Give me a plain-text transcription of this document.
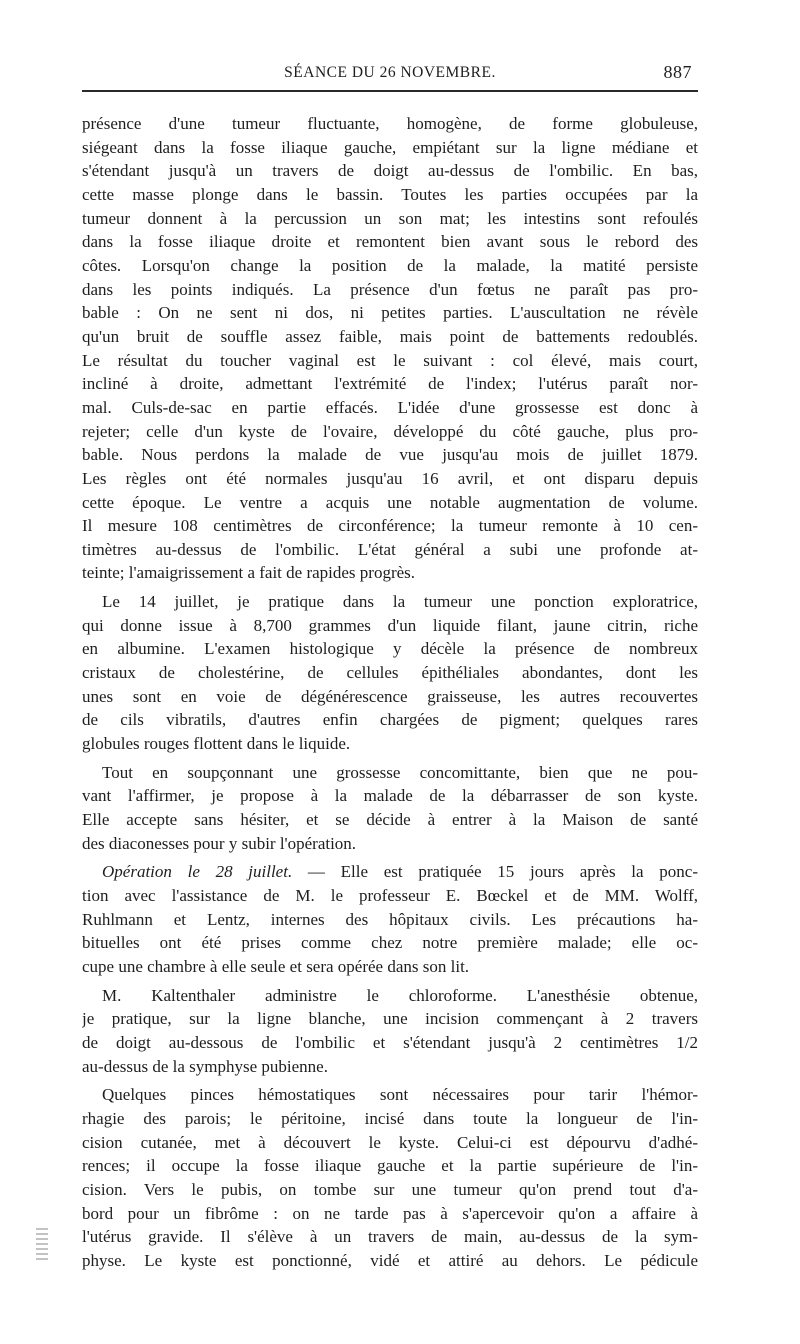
SÉANCE DU 26 NOVEMBRE.	887
présence d'une tumeur fluctuante, homogène, de forme globuleuse,
siégeant dans la fosse iliaque gauche, empiétant sur la ligne médiane et
s'étendant jusqu'à un travers de doigt au-dessus de l'ombilic. En bas,
cette masse plonge dans le bassin. Toutes les parties occupées par la
tumeur donnent à la percussion un son mat; les intestins sont refoulés
dans la fosse iliaque droite et remontent bien avant sous le rebord des
côtes. Lorsqu'on change la position de la malade, la matité persiste
dans les points indiqués. La présence d'un fœtus ne paraît pas pro-
bable : On ne sent ni dos, ni petites parties. L'auscultation ne révèle
qu'un bruit de souffle assez faible, mais point de battements redoublés.
Le résultat du toucher vaginal est le suivant : col élevé, mais court,
incliné à droite, admettant l'extrémité de l'index; l'utérus paraît nor-
mal. Culs-de-sac en partie effacés. L'idée d'une grossesse est donc à
rejeter; celle d'un kyste de l'ovaire, développé du côté gauche, plus pro-
bable. Nous perdons la malade de vue jusqu'au mois de juillet 1879.
Les règles ont été normales jusqu'au 16 avril, et ont disparu depuis
cette époque. Le ventre a acquis une notable augmentation de volume.
Il mesure 108 centimètres de circonférence; la tumeur remonte à 10 cen-
timètres au-dessus de l'ombilic. L'état général a subi une profonde at-
teinte; l'amaigrissement a fait de rapides progrès.
Le 14 juillet, je pratique dans la tumeur une ponction exploratrice,
qui donne issue à 8,700 grammes d'un liquide filant, jaune citrin, riche
en albumine. L'examen histologique y décèle la présence de nombreux
cristaux de cholestérine, de cellules épithéliales abondantes, dont les
unes sont en voie de dégénérescence graisseuse, les autres recouvertes
de cils vibratils, d'autres enfin chargées de pigment; quelques rares
globules rouges flottent dans le liquide.
Tout en soupçonnant une grossesse concomittante, bien que ne pou-
vant l'affirmer, je propose à la malade de la débarrasser de son kyste.
Elle accepte sans hésiter, et se décide à entrer à la Maison de santé
des diaconesses pour y subir l'opération.
Opération le 28 juillet. — Elle est pratiquée 15 jours après la ponc-
tion avec l'assistance de M. le professeur E. Bœckel et de MM. Wolff,
Ruhlmann et Lentz, internes des hôpitaux civils. Les précautions ha-
bituelles ont été prises comme chez notre première malade; elle oc-
cupe une chambre à elle seule et sera opérée dans son lit.
M. Kaltenthaler administre le chloroforme. L'anesthésie obtenue,
je pratique, sur la ligne blanche, une incision commençant à 2 travers
de doigt au-dessous de l'ombilic et s'étendant jusqu'à 2 centimètres 1/2
au-dessus de la symphyse pubienne.
Quelques pinces hémostatiques sont nécessaires pour tarir l'hémor-
rhagie des parois; le péritoine, incisé dans toute la longueur de l'in-
cision cutanée, met à découvert le kyste. Celui-ci est dépourvu d'adhé-
rences; il occupe la fosse iliaque gauche et la partie supérieure de l'in-
cision. Vers le pubis, on tombe sur une tumeur qu'on prend tout d'a-
bord pour un fibrôme : on ne tarde pas à s'apercevoir qu'on a affaire à
l'utérus gravide. Il s'élève à un travers de main, au-dessus de la sym-
physe. Le kyste est ponctionné, vidé et attiré au dehors. Le pédicule
